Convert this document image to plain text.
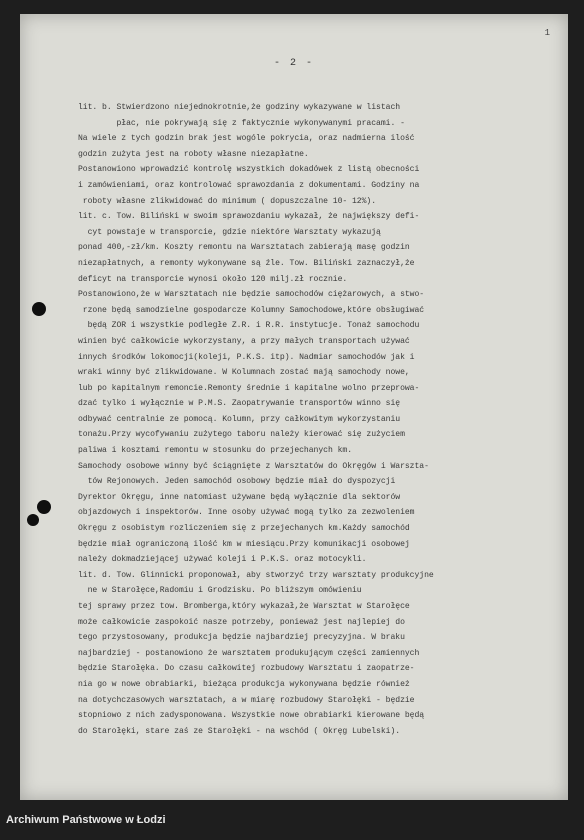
1
- 2 -
lit. b. Stwierdzono niejednokrotnie,że godziny wykazywane w listach
płac, nie pokrywają się z faktycznie wykonywanymi pracami. -
Na wiele z tych godzin brak jest wogóle pokrycia, oraz nadmierna ilość
godzin zużyta jest na roboty własne niezapłatne.
Postanowiono wprowadzić kontrolę wszystkich dokadówek z listą obecności
i zamówieniami, oraz kontrolować sprawozdania z dokumentami. Godziny na
roboty własne zlikwidować do minimum ( dopuszczalne 10- 12%).
lit. c. Tow. Biliński w swoim sprawozdaniu wykazał, że największy defi-
cyt powstaje w transporcie, gdzie niektóre Warsztaty wykazują
ponad 400,-zł/km. Koszty remontu na Warsztatach zabierają masę godzin
niezapłatnych, a remonty wykonywane są źle. Tow. Biliński zaznaczył,że
deficyt na transporcie wynosi około 120 milj.zł rocznie.
Postanowiono,że w Warsztatach nie będzie samochodów ciężarowych, a stwo-
rzone będą samodzielne gospodarcze Kolumny Samochodowe,które obsługiwać
będą ZOR i wszystkie podległe Z.R. i R.R. instytucje. Tonaż samochodu
winien być całkowicie wykorzystany, a przy małych transportach używać
innych środków lokomocji(koleji, P.K.S. itp). Nadmiar samochodów jak i
wraki winny być zlikwidowane. W Kolumnach zostać mają samochody nowe,
lub po kapitalnym remoncie.Remonty średnie i kapitalne wolno przeprowa-
dzać tylko i wyłącznie w P.M.S. Zaopatrywanie transportów winno się
odbywać centralnie ze pomocą. Kolumn, przy całkowitym wykorzystaniu
tonażu.Przy wycofywaniu zużytego taboru należy kierować się zużyciem
paliwa i kosztami remontu w stosunku do przejechanych km.
Samochody osobowe winny być ściągnięte z Warsztatów do Okręgów i Warszta-
tów Rejonowych. Jeden samochód osobowy będzie miał do dyspozycji
Dyrektor Okręgu, inne natomiast używane będą wyłącznie dla sektorów
objazdowych i inspektorów. Inne osoby używać mogą tylko za zezwoleniem
Okręgu z osobistym rozliczeniem się z przejechanych km.Każdy samochód
będzie miał ograniczoną ilość km w miesiącu.Przy komunikacji osobowej
należy dokmadziejącej używać koleji i P.K.S. oraz motocykli.
lit. d. Tow. Glinnicki proponował, aby stworzyć trzy warsztaty produkcyjne
ne w Starołęce,Radomiu i Grodzisku. Po bliższym omówieniu
tej sprawy przez tow. Bromberga,który wykazał,że Warsztat w Starołęce
może całkowicie zaspokoić nasze potrzeby, ponieważ jest najlepiej do
tego przystosowany, produkcja będzie najbardziej precyzyjna. W braku
najbardziej - postanowiono że warsztatem produkującym części zamiennych
będzie Starołęka. Do czasu całkowitej rozbudowy Warsztatu i zaopatrze-
nia go w nowe obrabiarki, bieżąca produkcja wykonywana będzie również
na dotychczasowych warsztatach, a w miarę rozbudowy Starołęki - będzie
stopniowo z nich zadysponowana. Wszystkie nowe obrabiarki kierowane będą
do Starołęki, stare zaś ze Starołęki - na wschód ( Okręg Lubelski).
Archiwum Państwowe w Łodzi
